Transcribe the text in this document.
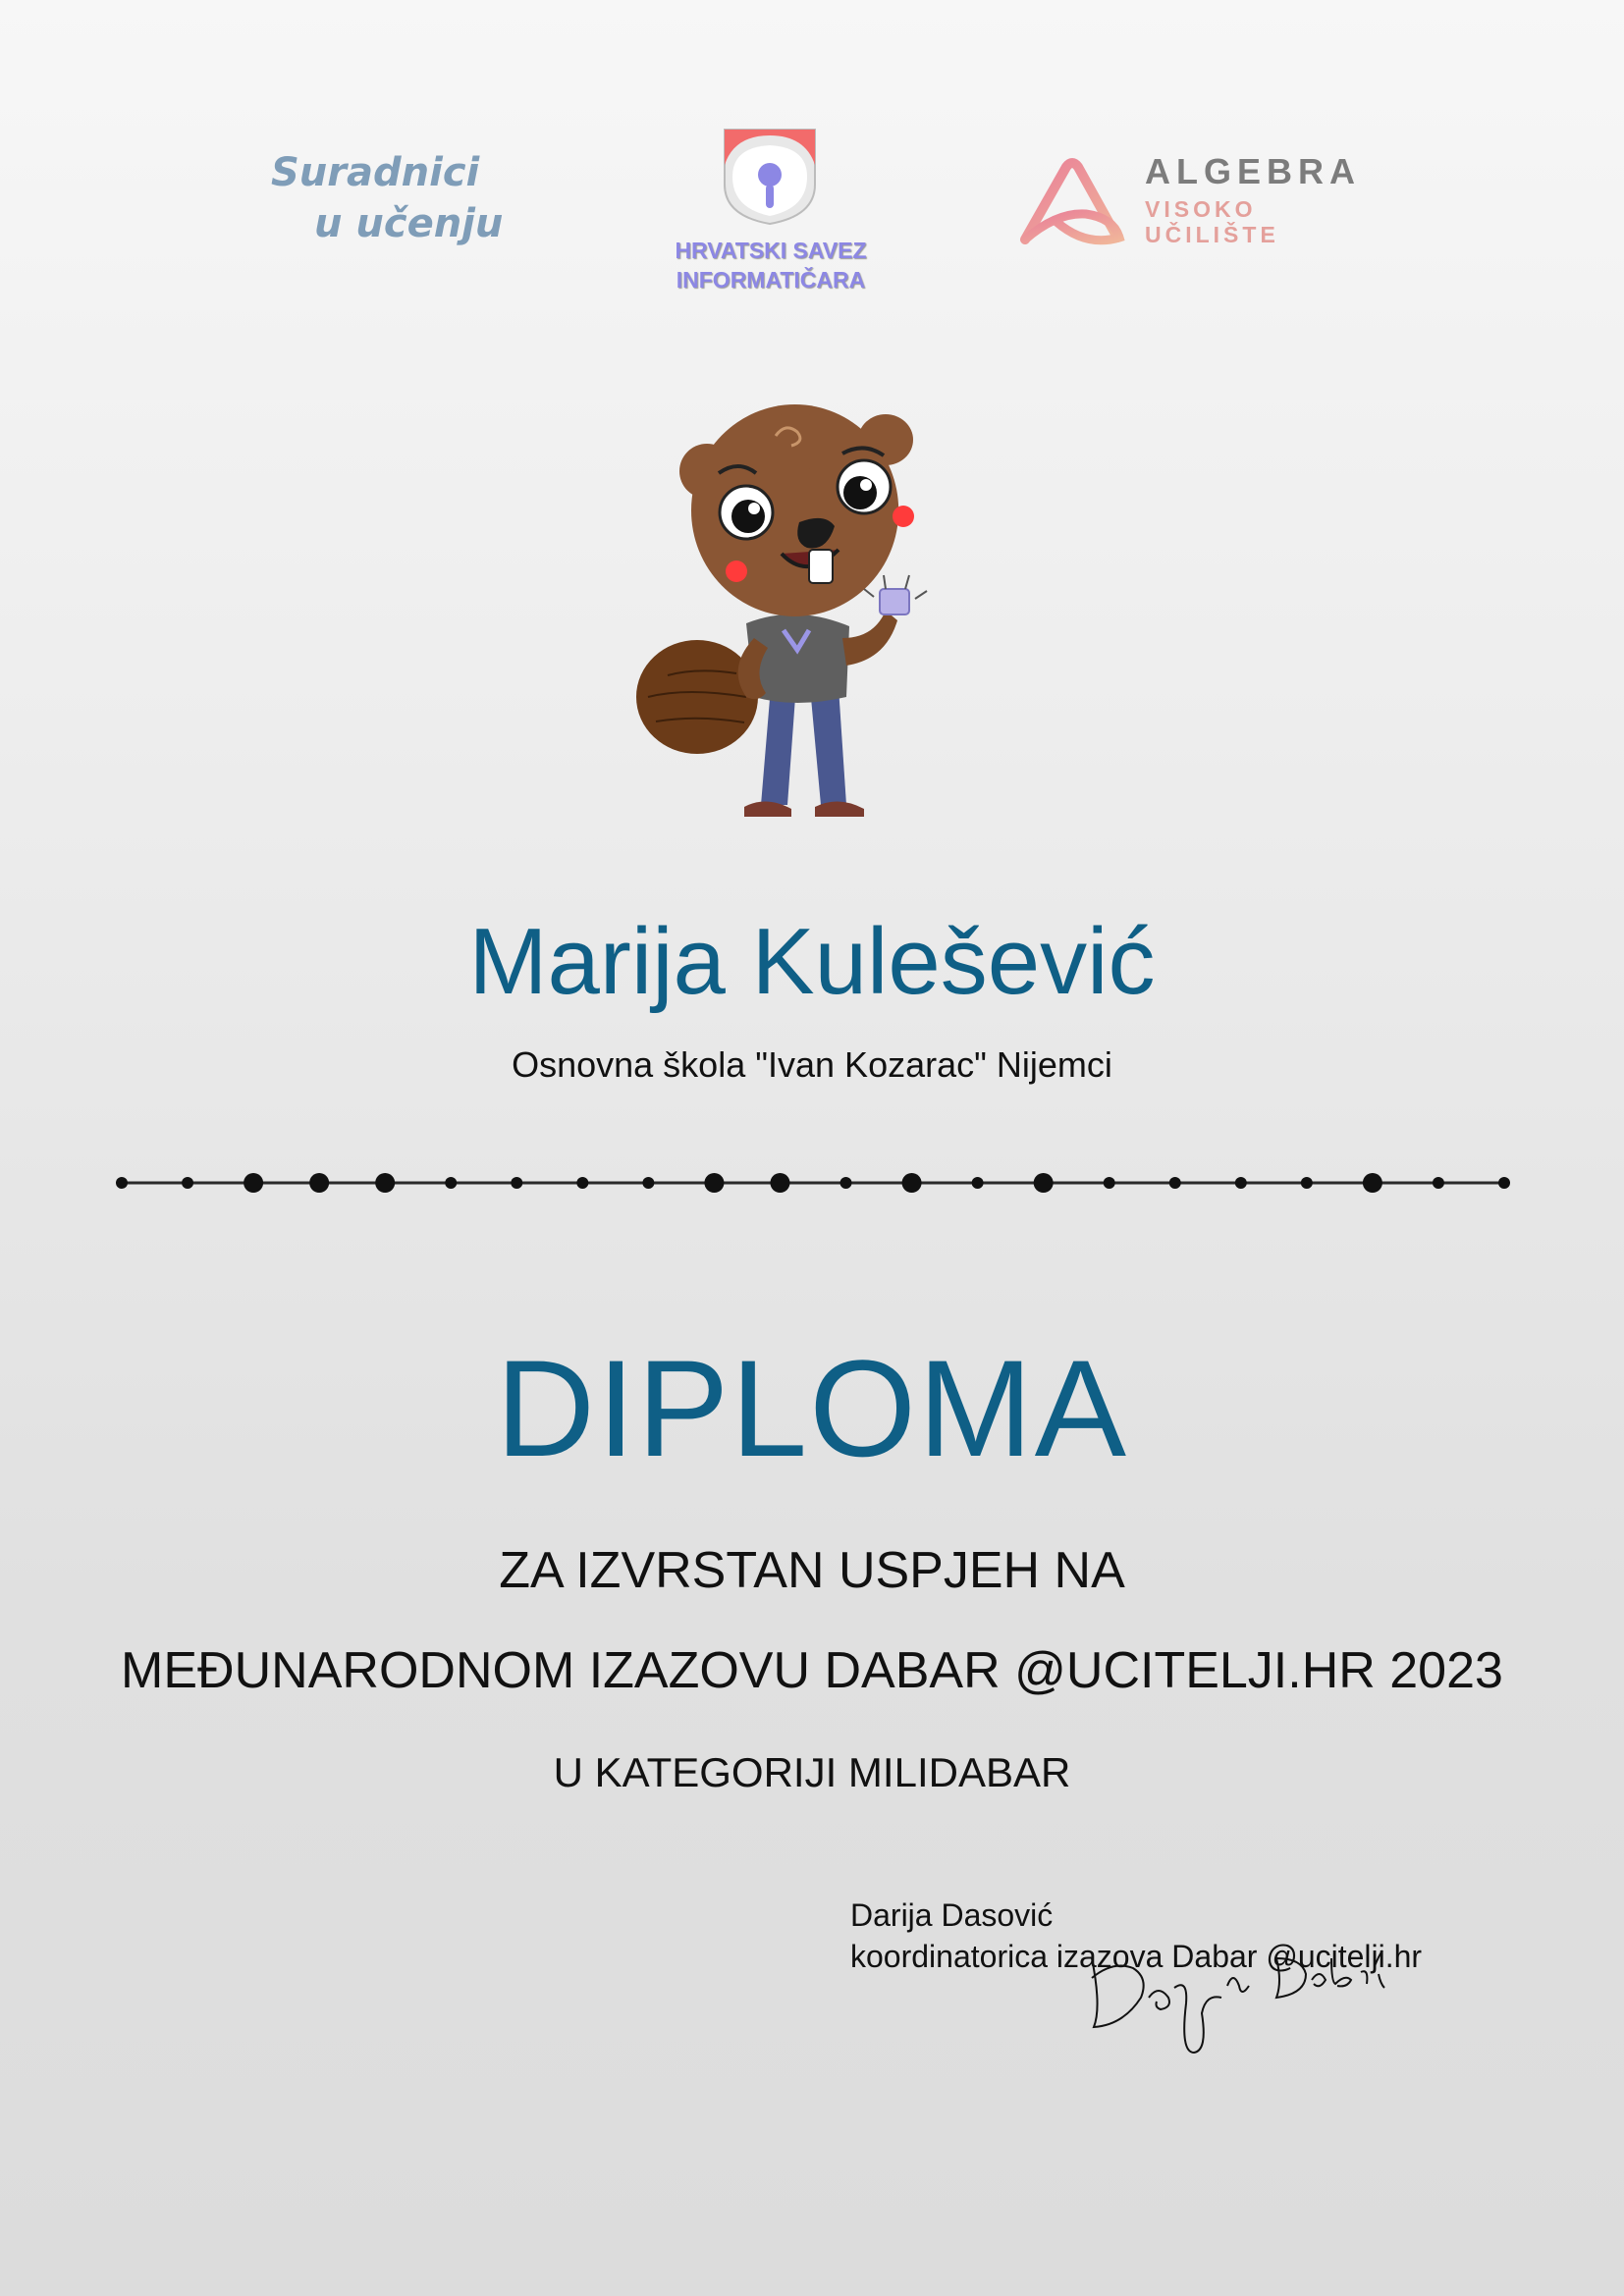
Suradnici
u učenju
HRVATSKI SAVEZ
INFORMATIČARA
ALGEBRA
VISOKO
UČILIŠTE
Marija Kulešević
Osnovna škola "Ivan Kozarac" Nijemci
DIPLOMA
ZA IZVRSTAN USPJEH NA
MEĐUNARODNOM IZAZOVU DABAR @UCITELJI.HR 2023
U KATEGORIJI MILIDABAR
Darija Dasović
koordinatorica izazova Dabar @ucitelji.hr
